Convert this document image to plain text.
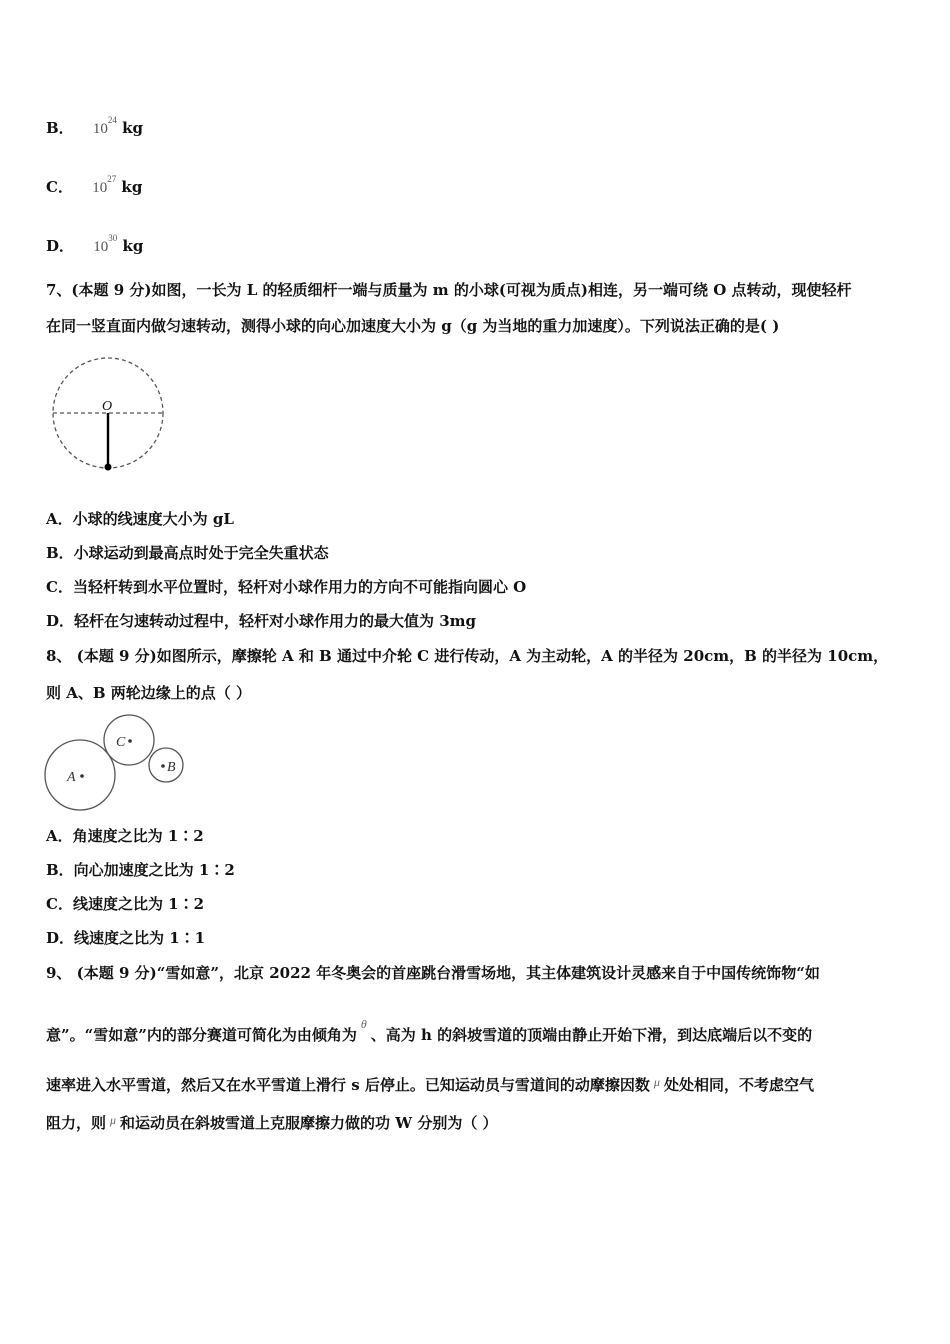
B． $10^{24}$ kg
C． $10^{27}$ kg
D． $10^{30}$ kg
7、(本题 9 分)如图，一长为 L 的轻质细杆一端与质量为 m 的小球(可视为质点)相连，另一端可绕 O 点转动，现使轻杆
在同一竖直面内做匀速转动，测得小球的向心加速度大小为 g（g 为当地的重力加速度）。下列说法正确的是( )
O
A．小球的线速度大小为 gL
B．小球运动到最高点时处于完全失重状态
C．当轻杆转到水平位置时，轻杆对小球作用力的方向不可能指向圆心 O
D．轻杆在匀速转动过程中，轻杆对小球作用力的最大值为 3mg
8、 (本题 9 分)如图所示，摩擦轮 A 和 B 通过中介轮 C 进行传动，A 为主动轮，A 的半径为 20cm，B 的半径为 10cm，
则 A、B 两轮边缘上的点（ ）
A
C
B
A．角速度之比为 1∶2
B．向心加速度之比为 1∶2
C．线速度之比为 1∶2
D．线速度之比为 1∶1
9、 (本题 9 分)“雪如意”，北京 2022 年冬奥会的首座跳台滑雪场地，其主体建筑设计灵感来自于中国传统饰物“如
意”。“雪如意”内的部分赛道可简化为由倾角为$^\theta$、高为 h 的斜坡雪道的顶端由静止开始下滑，到达底端后以不变的
速率进入水平雪道，然后又在水平雪道上滑行 s 后停止。已知运动员与雪道间的动摩擦因数 $^\mu$ 处处相同，不考虑空气
阻力，则 $^\mu$ 和运动员在斜坡雪道上克服摩擦力做的功 W 分别为（ ）
